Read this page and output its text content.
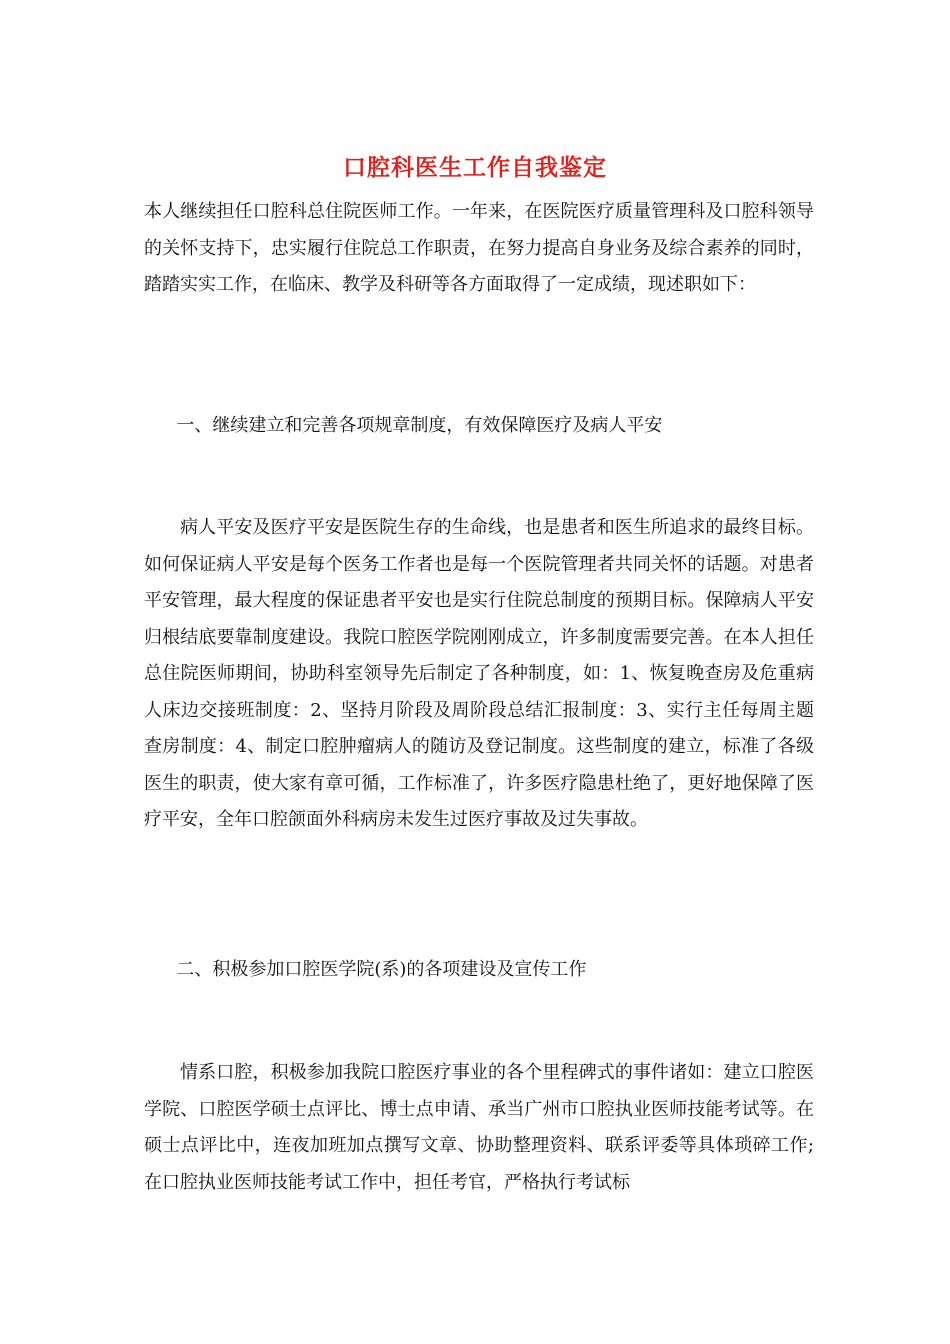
口腔科医生工作自我鉴定

本人继续担任口腔科总住院医师工作。一年来，在医院医疗质量管理科及口腔科领导的关怀支持下，忠实履行住院总工作职责，在努力提高自身业务及综合素养的同时，踏踏实实工作，在临床、教学及科研等各方面取得了一定成绩，现述职如下：

一、继续建立和完善各项规章制度，有效保障医疗及病人平安

病人平安及医疗平安是医院生存的生命线，也是患者和医生所追求的最终目标。如何保证病人平安是每个医务工作者也是每一个医院管理者共同关怀的话题。对患者平安管理，最大程度的保证患者平安也是实行住院总制度的预期目标。保障病人平安归根结底要靠制度建设。我院口腔医学院刚刚成立，许多制度需要完善。在本人担任总住院医师期间，协助科室领导先后制定了各种制度，如：1、恢复晚查房及危重病人床边交接班制度：2、坚持月阶段及周阶段总结汇报制度：3、实行主任每周主题查房制度：4、制定口腔肿瘤病人的随访及登记制度。这些制度的建立，标准了各级医生的职责，使大家有章可循，工作标准了，许多医疗隐患杜绝了，更好地保障了医疗平安，全年口腔颌面外科病房未发生过医疗事故及过失事故。

二、积极参加口腔医学院(系)的各项建设及宣传工作

情系口腔，积极参加我院口腔医疗事业的各个里程碑式的事件诸如：建立口腔医学院、口腔医学硕士点评比、博士点申请、承当广州市口腔执业医师技能考试等。在硕士点评比中，连夜加班加点撰写文章、协助整理资料、联系评委等具体琐碎工作;在口腔执业医师技能考试工作中，担任考官，严格执行考试标
